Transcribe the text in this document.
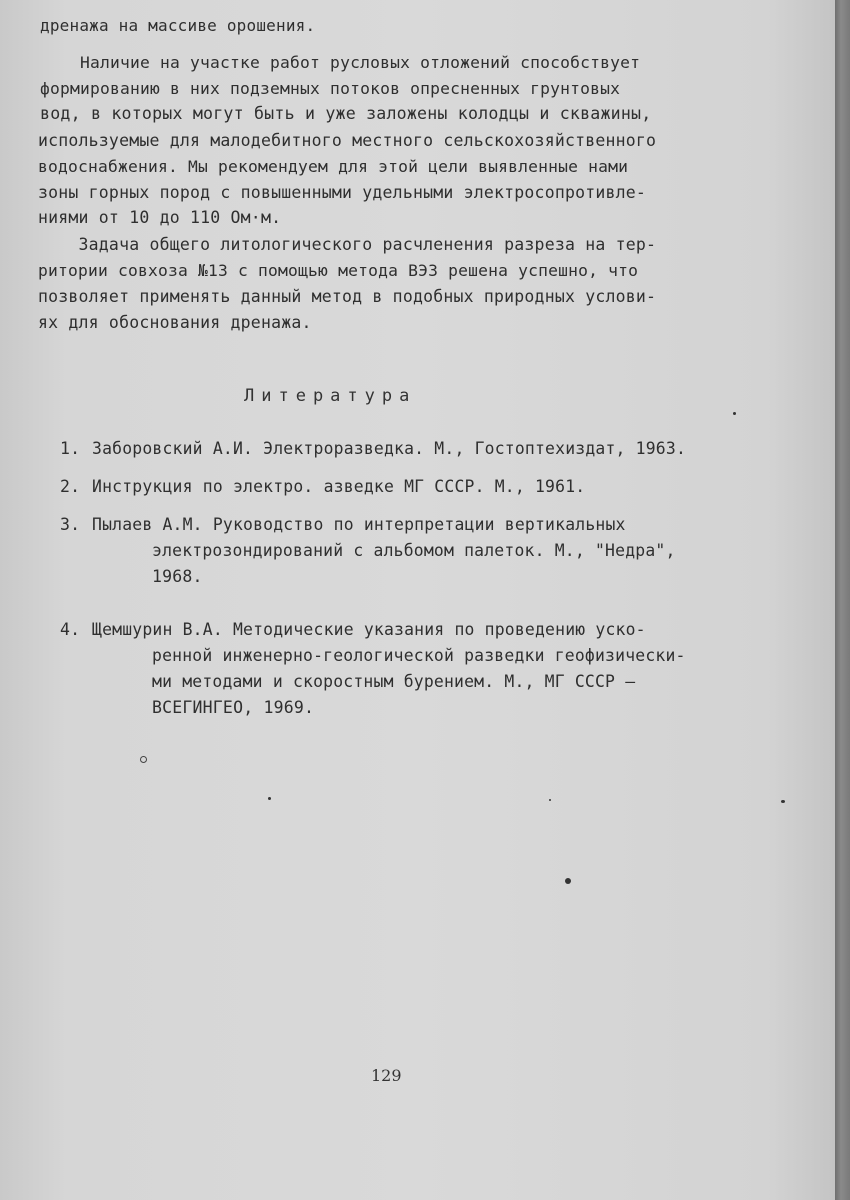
дренажа на массиве орошения.
Наличие на участке работ русловых отложений способствует
формированию в них подземных потоков опресненных грунтовых
вод, в которых могут быть и уже заложены колодцы и скважины,
используемые для малодебитного местного сельскохозяйственного
водоснабжения. Мы рекомендуем для этой цели выявленные нами
зоны горных пород с повышенными удельными электросопротивле-
ниями от 10 до 110 Ом·м.
Задача общего литологического расчленения разреза на тер-
ритории совхоза №13 с помощью метода ВЭЗ решена успешно, что
позволяет применять данный метод в подобных природных услови-
ях для обоснования дренажа.
Литература
1. Заборовский А.И. Электроразведка. М., Гостоптехиздат, 1963.
2. Инструкция по электро. азведке МГ СССР. М., 1961.
3. Пылаев А.М. Руководство по интерпретации вертикальных
электрозондирований с альбомом палеток. М., "Недра",
1968.
4. Щемшурин В.А. Методические указания по проведению уско-
ренной инженерно-геологической разведки геофизически-
ми методами и скоростным бурением. М., МГ СССР —
ВСЕГИНГЕО, 1969.
129
